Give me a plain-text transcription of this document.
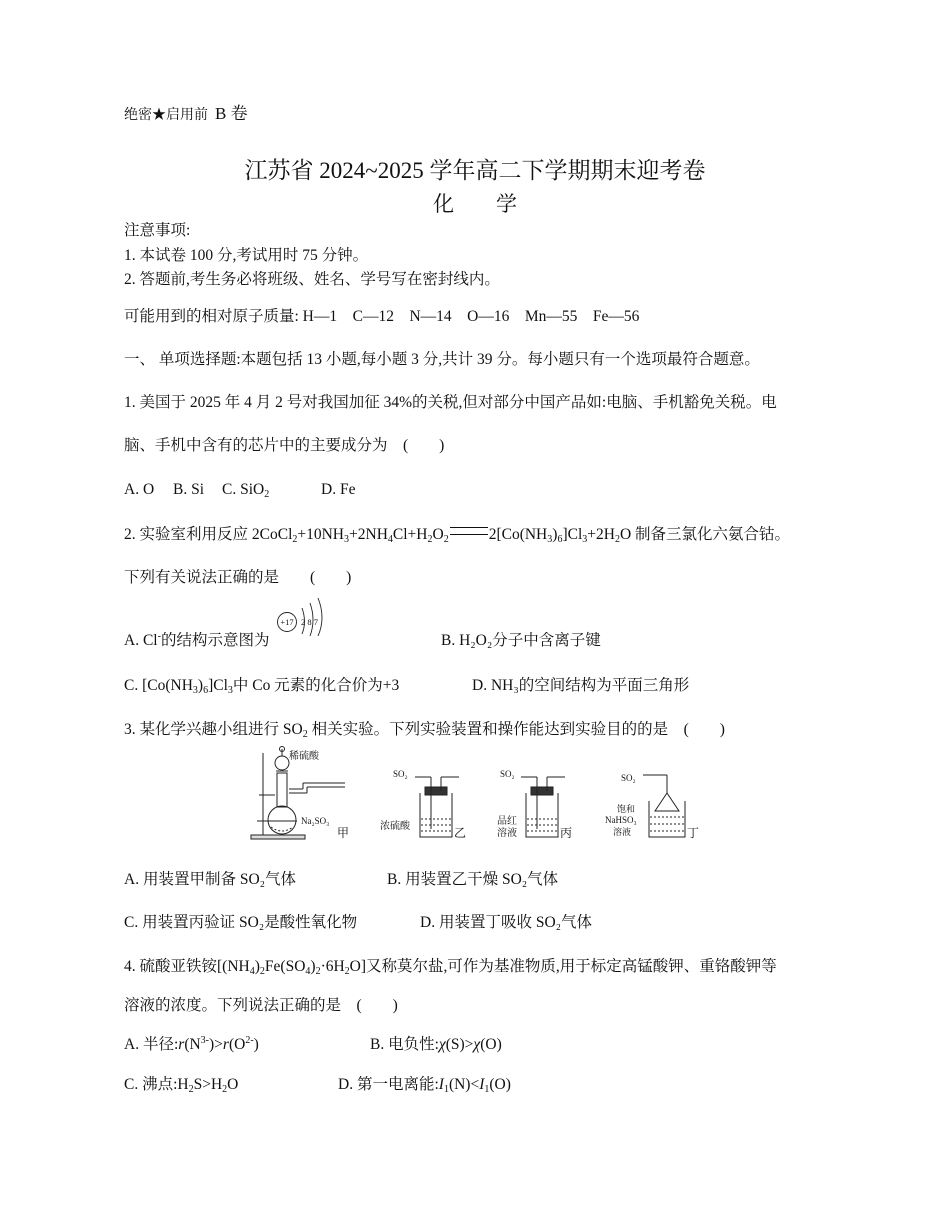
绝密★启用前 B 卷
江苏省 2024~2025 学年高二下学期期末迎考卷
化　　学
注意事项:
1. 本试卷 100 分,考试用时 75 分钟。
2. 答题前,考生务必将班级、姓名、学号写在密封线内。
可能用到的相对原子质量: H—1　C—12　N—14　O—16　Mn—55　Fe—56
一、 单项选择题:本题包括 13 小题,每小题 3 分,共计 39 分。每小题只有一个选项最符合题意。
1. 美国于 2025 年 4 月 2 号对我国加征 34%的关税,但对部分中国产品如:电脑、手机豁免关税。电
脑、手机中含有的芯片中的主要成分为　(　　)
A. O B. Si C. SiO$_2$	D. Fe
2. 实验室利用反应 $2CoCl_2+10NH_3+2NH_4Cl+H_2O_2$	$2[Co(NH_3)_6]Cl_3+2H_2O$ 制备三氯化六氨合钴。
下列有关说法正确的是　　(　　)
A. Cl-的结构示意图为
+17 2 8 7
B. H₂O₂分子中含离子键
C. $[Co(NH_3)_6]Cl_3$中 Co 元素的化合价为+3	D. NH₃的空间结构为平面三角形
3. 某化学兴趣小组进行 $SO_2$ 相关实验。下列实验装置和操作能达到实验目的的是　(　　)
稀硫酸
Na₂SO₃
甲
SO₂
浓硫酸	乙
SO₂
品红
溶液	丙
SO₂
饱和
NaHSO₃
溶液	丁
A. 用装置甲制备 SO₂气体	B. 用装置乙干燥 SO₂气体
C. 用装置丙验证 SO₂是酸性氧化物	D. 用装置丁吸收 SO₂气体
4. 硫酸亚铁铵$[(NH_4)_2Fe(SO_4)_2\cdot 6H_2O]$又称莫尔盐,可作为基准物质,用于标定高锰酸钾、重铬酸钾等
溶液的浓度。下列说法正确的是　(　　)
A. 半径$:r(N^{3-})>r(O^{2-})$	B. 电负性:χ(S)>χ(O)
C. 沸点$:H_2S>H_2O$	D. 第一电离能$:I_1(N)<I_1(O)$
